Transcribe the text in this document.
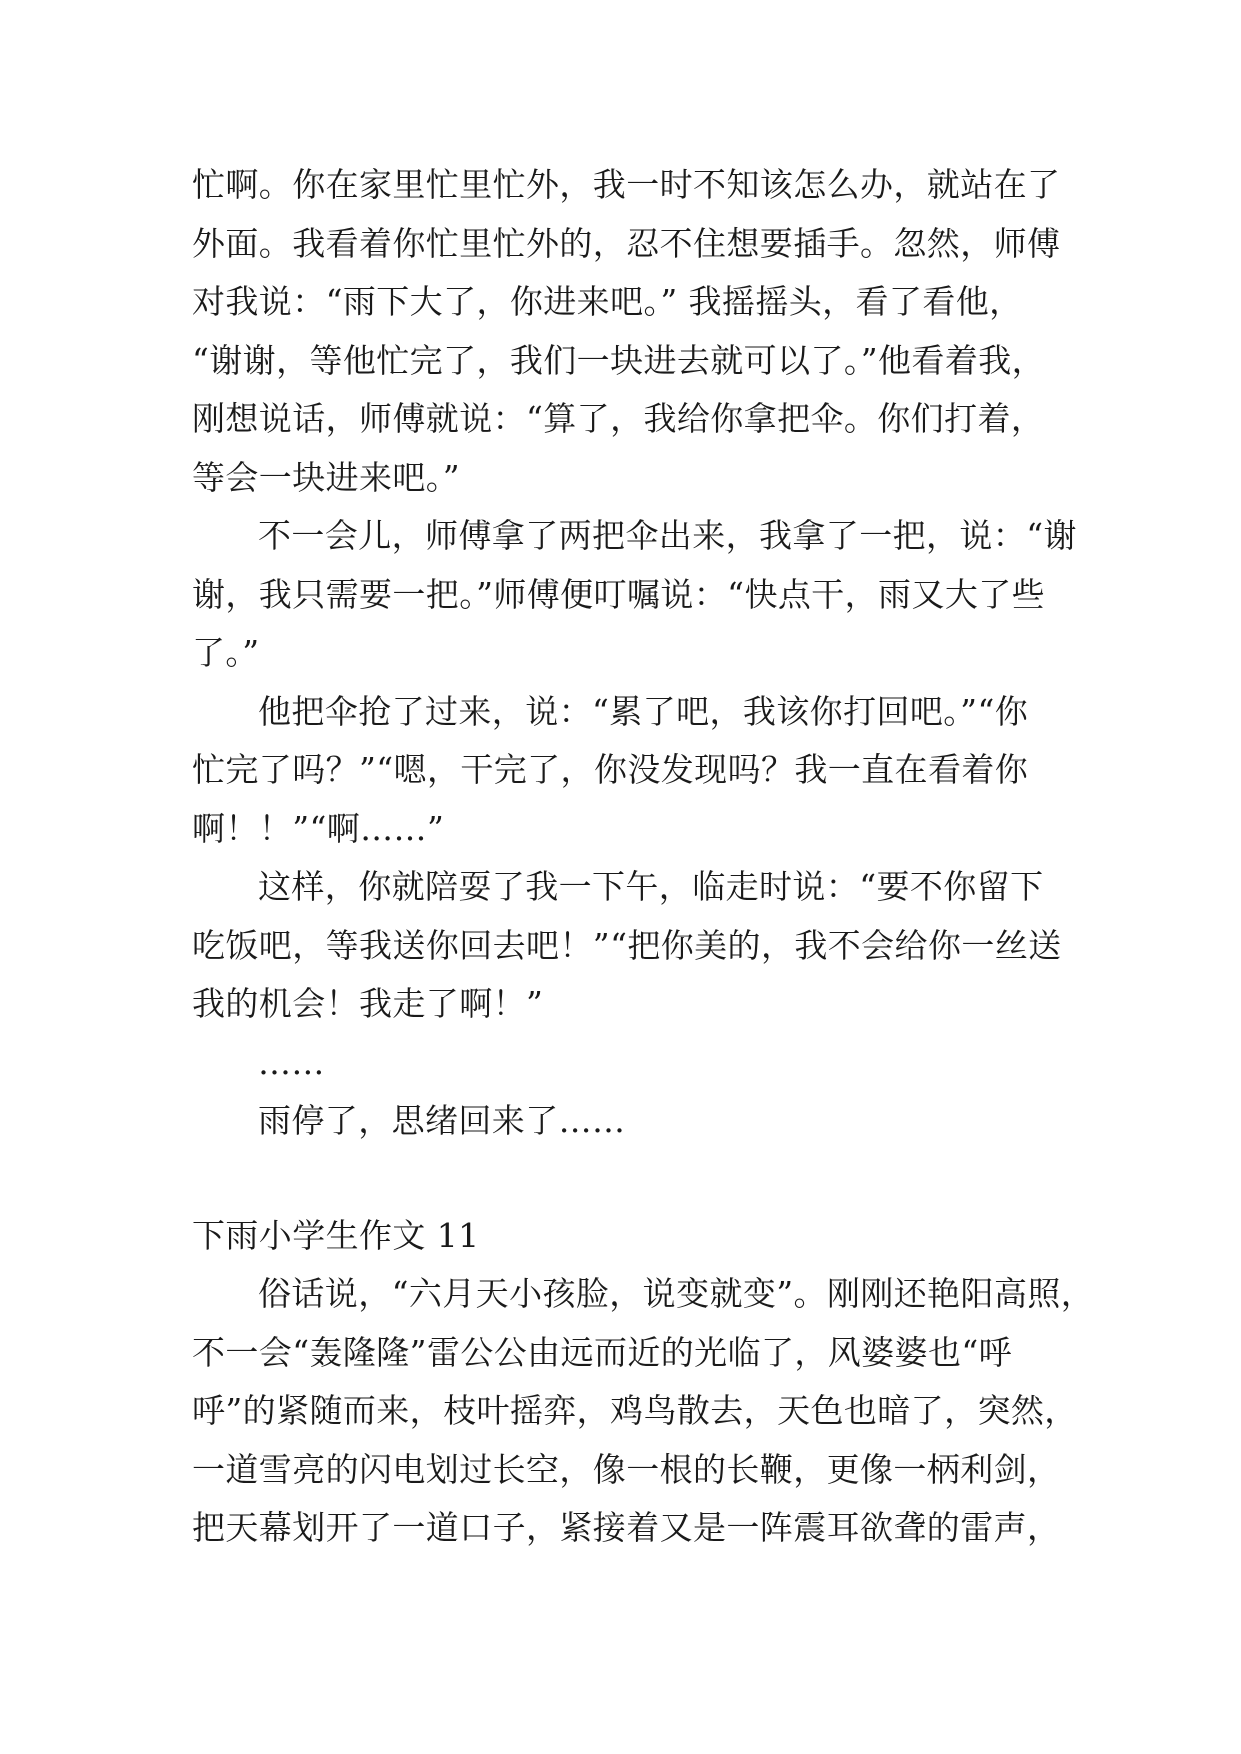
忙啊。你在家里忙里忙外，我一时不知该怎么办，就站在了
外面。我看着你忙里忙外的，忍不住想要插手。忽然，师傅
对我说：“雨下大了，你进来吧。” 我摇摇头，看了看他，
“谢谢，等他忙完了，我们一块进去就可以了。”他看着我，
刚想说话，师傅就说：“算了，我给你拿把伞。你们打着，
等会一块进来吧。”
不一会儿，师傅拿了两把伞出来，我拿了一把，说：“谢
谢，我只需要一把。”师傅便叮嘱说：“快点干，雨又大了些
了。”
他把伞抢了过来，说：“累了吧，我该你打回吧。”“你
忙完了吗？”“嗯，干完了，你没发现吗？我一直在看着你
啊！！”“啊……”
这样，你就陪耍了我一下午，临走时说：“要不你留下
吃饭吧，等我送你回去吧！”“把你美的，我不会给你一丝送
我的机会！我走了啊！”
……
雨停了，思绪回来了……
下雨小学生作文 11
俗话说，“六月天小孩脸，说变就变”。刚刚还艳阳高照，
不一会“轰隆隆”雷公公由远而近的光临了，风婆婆也“呼
呼”的紧随而来，枝叶摇弈，鸡鸟散去，天色也暗了，突然，
一道雪亮的闪电划过长空，像一根的长鞭，更像一柄利剑，
把天幕划开了一道口子，紧接着又是一阵震耳欲聋的雷声，
